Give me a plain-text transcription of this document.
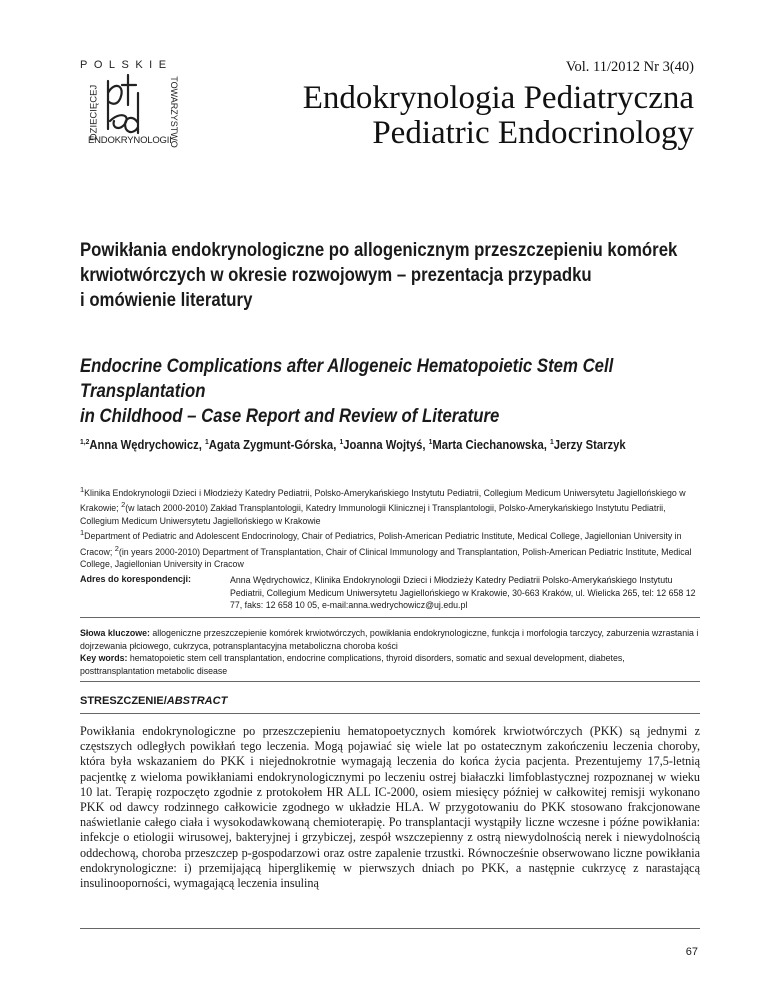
POLSKIE
DZIECIĘCEJ	TOWARZYSTWO
ENDOKRYNOLOGII
Vol. 11/2012 Nr 3(40)
Endokrynologia Pediatryczna
Pediatric Endocrinology
Powikłania endokrynologiczne po allogenicznym przeszczepieniu komórek
krwiotwórczych w okresie rozwojowym – prezentacja przypadku
i omówienie literatury
Endocrine Complications after Allogeneic Hematopoietic Stem Cell Transplantation
in Childhood – Case Report and Review of Literature
$^{1,2}$Anna Wędrychowicz, $^1$Agata Zygmunt-Górska, $^1$Joanna Wojtyś, $^1$Marta Ciechanowska, $^1$Jerzy Starzyk
$^1$Klinika Endokrynologii Dzieci i Młodzieży Katedry Pediatrii, Polsko-Amerykańskiego Instytutu Pediatrii, Collegium Medicum Uniwersytetu Jagiellońskiego w Krakowie; $^2$(w latach 2000-2010) Zakład Transplantologii, Katedry Immunologii Klinicznej i Transplantologii, Polsko-Amerykańskiego Instytutu Pediatrii, Collegium Medicum Uniwersytetu Jagiellońskiego w Krakowie
$^1$Department of Pediatric and Adolescent Endocrinology, Chair of Pediatrics, Polish-American Pediatric Institute, Medical College, Jagiellonian University in Cracow; $^2$(in years 2000-2010) Department of Transplantation, Chair of Clinical Immunology and Transplantation, Polish-American Pediatric Institute, Medical College, Jagiellonian University in Cracow
Adres do korespondencji:	Anna Wędrychowicz, Klinika Endokrynologii Dzieci i Młodzieży Katedry Pediatrii Polsko-Amerykańskiego Instytutu Pediatrii, Collegium Medicum Uniwersytetu Jagiellońskiego w Krakowie, 30-663 Kraków, ul. Wielicka 265, tel: 12 658 12 77, faks: 12 658 10 05, e-mail:anna.wedrychowicz@uj.edu.pl
Słowa kluczowe: allogeniczne przeszczepienie komórek krwiotwórczych, powikłania endokrynologiczne, funkcja i morfologia tarczycy, zaburzenia wzrastania i dojrzewania płciowego, cukrzyca, potransplantacyjna metaboliczna choroba kości
Key words: hematopoietic stem cell transplantation, endocrine complications, thyroid disorders, somatic and sexual development, diabetes, posttransplantation metabolic disease
STRESZCZENIE/ABSTRACT
Powikłania endokrynologiczne po przeszczepieniu hematopoetycznych komórek krwiotwórczych (PKK) są jednymi z częstszych odległych powikłań tego leczenia. Mogą pojawiać się wiele lat po ostatecznym zakończeniu leczenia choroby, która była wskazaniem do PKK i niejednokrotnie wymagają leczenia do końca życia pacjenta. Prezentujemy 17,5-letnią pacjentkę z wieloma powikłaniami endokrynologicznymi po leczeniu ostrej białaczki limfoblastycznej rozpoznanej w wieku 10 lat. Terapię rozpoczęto zgodnie z protokołem HR ALL IC-2000, osiem miesięcy później w całkowitej remisji wykonano PKK od dawcy rodzinnego całkowicie zgodnego w układzie HLA. W przygotowaniu do PKK stosowano frakcjonowane naświetlanie całego ciała i wysokodawkowaną chemioterapię. Po transplantacji wystąpiły liczne wczesne i późne powikłania: infekcje o etiologii wirusowej, bakteryjnej i grzybiczej, zespół wszczepienny z ostrą niewydolnością nerek i niewydolnością oddechową, choroba przeszczep p-gospodarzowi oraz ostre zapalenie trzustki. Równocześnie obserwowano liczne powikłania endokrynologiczne: i) przemijającą hiperglikemię w pierwszych dniach po PKK, a następnie cukrzycę z narastającą insulinooporności, wymagającą leczenia insuliną
67
